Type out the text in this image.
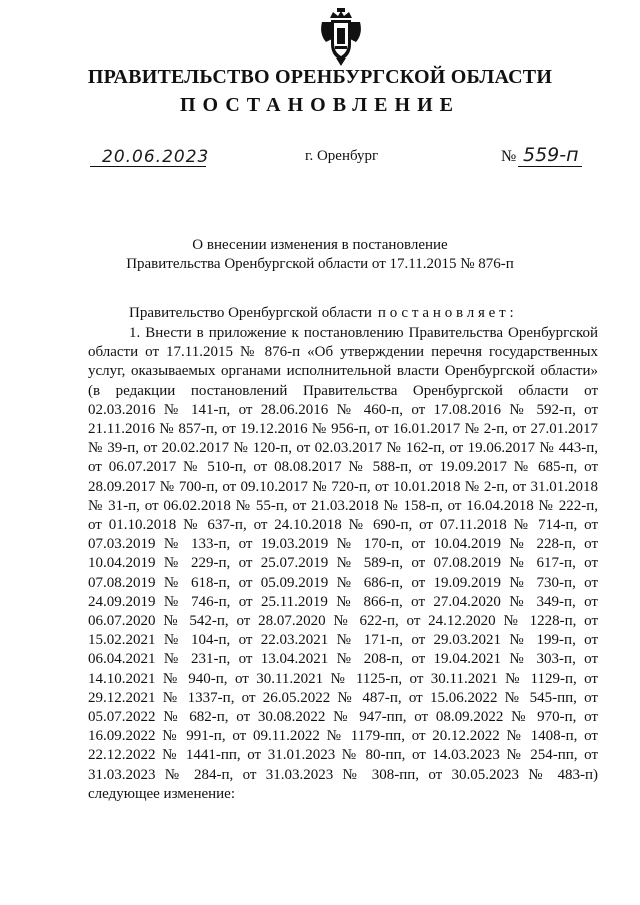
ПРАВИТЕЛЬСТВО ОРЕНБУРГСКОЙ ОБЛАСТИ
ПОСТАНОВЛЕНИЕ
20.06.2023	г. Оренбург	№ 559-п
О внесении изменения в постановление
Правительства Оренбургской области от 17.11.2015 № 876-п
Правительство Оренбургской области постановляет:
1. Внести в приложение к постановлению Правительства Оренбургской
области от 17.11.2015 № 876-п «Об утверждении перечня государственных
услуг, оказываемых органами исполнительной власти Оренбургской области»
(в редакции постановлений Правительства Оренбургской области от
02.03.2016 № 141-п, от 28.06.2016 № 460-п, от 17.08.2016 № 592-п, от
21.11.2016 № 857-п, от 19.12.2016 № 956-п, от 16.01.2017 № 2-п, от 27.01.2017
№ 39-п, от 20.02.2017 № 120-п, от 02.03.2017 № 162-п, от 19.06.2017 № 443-п,
от 06.07.2017 № 510-п, от 08.08.2017 № 588-п, от 19.09.2017 № 685-п, от
28.09.2017 № 700-п, от 09.10.2017 № 720-п, от 10.01.2018 № 2-п, от 31.01.2018
№ 31-п, от 06.02.2018 № 55-п, от 21.03.2018 № 158-п, от 16.04.2018 № 222-п,
от 01.10.2018 № 637-п, от 24.10.2018 № 690-п, от 07.11.2018 № 714-п, от
07.03.2019 № 133-п, от 19.03.2019 № 170-п, от 10.04.2019 № 228-п, от
10.04.2019 № 229-п, от 25.07.2019 № 589-п, от 07.08.2019 № 617-п, от
07.08.2019 № 618-п, от 05.09.2019 № 686-п, от 19.09.2019 № 730-п, от
24.09.2019 № 746-п, от 25.11.2019 № 866-п, от 27.04.2020 № 349-п, от
06.07.2020 № 542-п, от 28.07.2020 № 622-п, от 24.12.2020 № 1228-п, от
15.02.2021 № 104-п, от 22.03.2021 № 171-п, от 29.03.2021 № 199-п, от
06.04.2021 № 231-п, от 13.04.2021 № 208-п, от 19.04.2021 № 303-п, от
14.10.2021 № 940-п, от 30.11.2021 № 1125-п, от 30.11.2021 № 1129-п, от
29.12.2021 № 1337-п, от 26.05.2022 № 487-п, от 15.06.2022 № 545-пп, от
05.07.2022 № 682-п, от 30.08.2022 № 947-пп, от 08.09.2022 № 970-п, от
16.09.2022 № 991-п, от 09.11.2022 № 1179-пп, от 20.12.2022 № 1408-п, от
22.12.2022 № 1441-пп, от 31.01.2023 № 80-пп, от 14.03.2023 № 254-пп, от
31.03.2023 № 284-п, от 31.03.2023 № 308-пп, от 30.05.2023 № 483-п)
следующее изменение:
